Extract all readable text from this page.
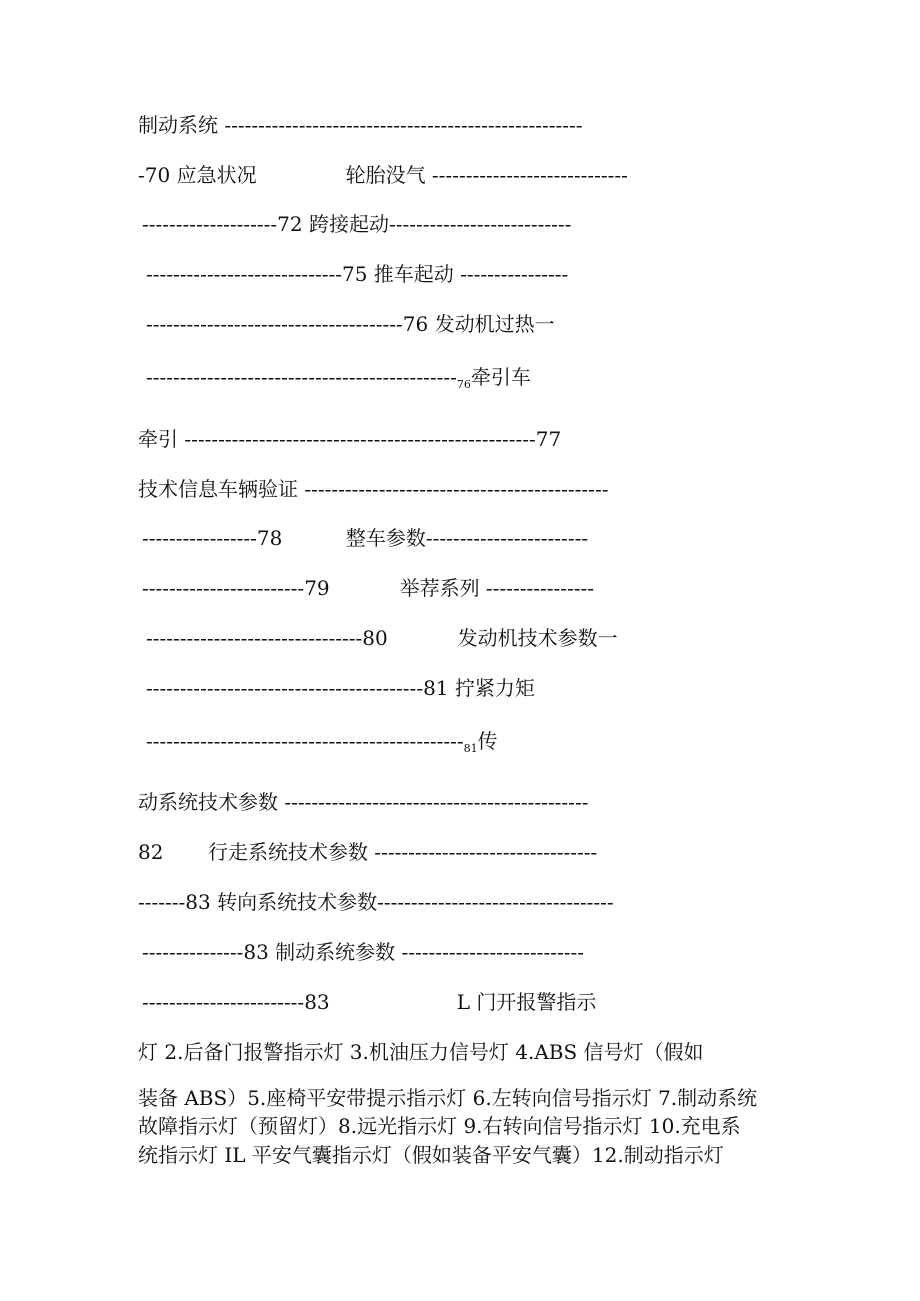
制动系统 -----------------------------------------------------
-70 应急状况              轮胎没气 -----------------------------
--------------------72 跨接起动---------------------------
-----------------------------75 推车起动 ----------------
--------------------------------------76 发动机过热一
$----------------------------------------------_{76}$牵引车
牵引 ----------------------------------------------------77
技术信息车辆验证 ---------------------------------------------
-----------------78          整车参数------------------------
------------------------79           举荐系列 ----------------
--------------------------------80           发动机技术参数一
-----------------------------------------81 拧紧力矩
$-----------------------------------------------_{81}$传
动系统技术参数 ---------------------------------------------
82       行走系统技术参数 ---------------------------------
-------83 转向系统技术参数-----------------------------------
---------------83 制动系统参数 ---------------------------
------------------------83                    L 门开报警指示
灯 2.后备门报警指示灯 3.机油压力信号灯 4.ABS 信号灯（假如
装备 ABS）5.座椅平安带提示指示灯 6.左转向信号指示灯 7.制动系统
故障指示灯（预留灯）8.远光指示灯 9.右转向信号指示灯 10.充电系
统指示灯 IL 平安气囊指示灯（假如装备平安气囊）12.制动指示灯
